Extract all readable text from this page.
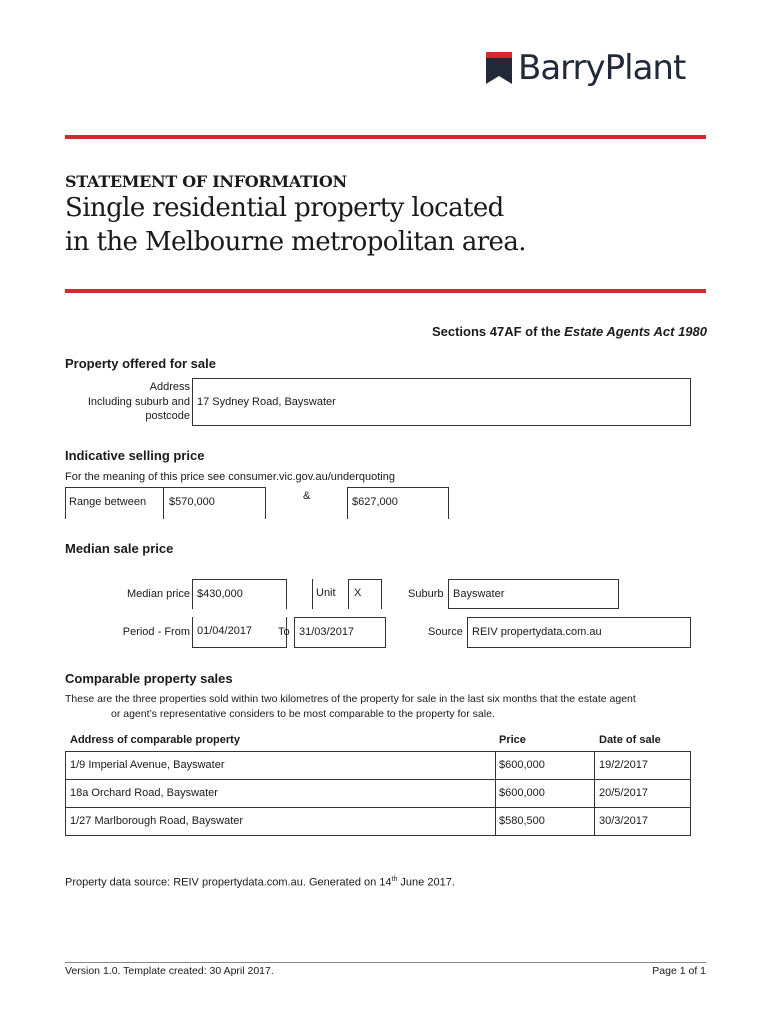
BarryPlant
STATEMENT OF INFORMATION
Single residential property located
in the Melbourne metropolitan area.
Sections 47AF of the Estate Agents Act 1980
Property offered for sale
Address
Including suburb and
postcode
17 Sydney Road, Bayswater
Indicative selling price
For the meaning of this price see consumer.vic.gov.au/underquoting
Range between $570,000	&	$627,000
Median sale price
Median price $430,000	Unit X	Suburb Bayswater
Period - From 01/04/2017 To 31/03/2017	Source REIV propertydata.com.au
Comparable property sales
These are the three properties sold within two kilometres of the property for sale in the last six months that the estate agent
or agent’s representative considers to be most comparable to the property for sale.
Address of comparable property	Price	Date of sale
1/9 Imperial Avenue, Bayswater	$600,000	19/2/2017
18a Orchard Road, Bayswater	$600,000	20/5/2017
1/27 Marlborough Road, Bayswater	$580,500	30/3/2017
Property data source: REIV propertydata.com.au. Generated on 14th June 2017.
Version 1.0. Template created: 30 April 2017.	Page 1 of 1
